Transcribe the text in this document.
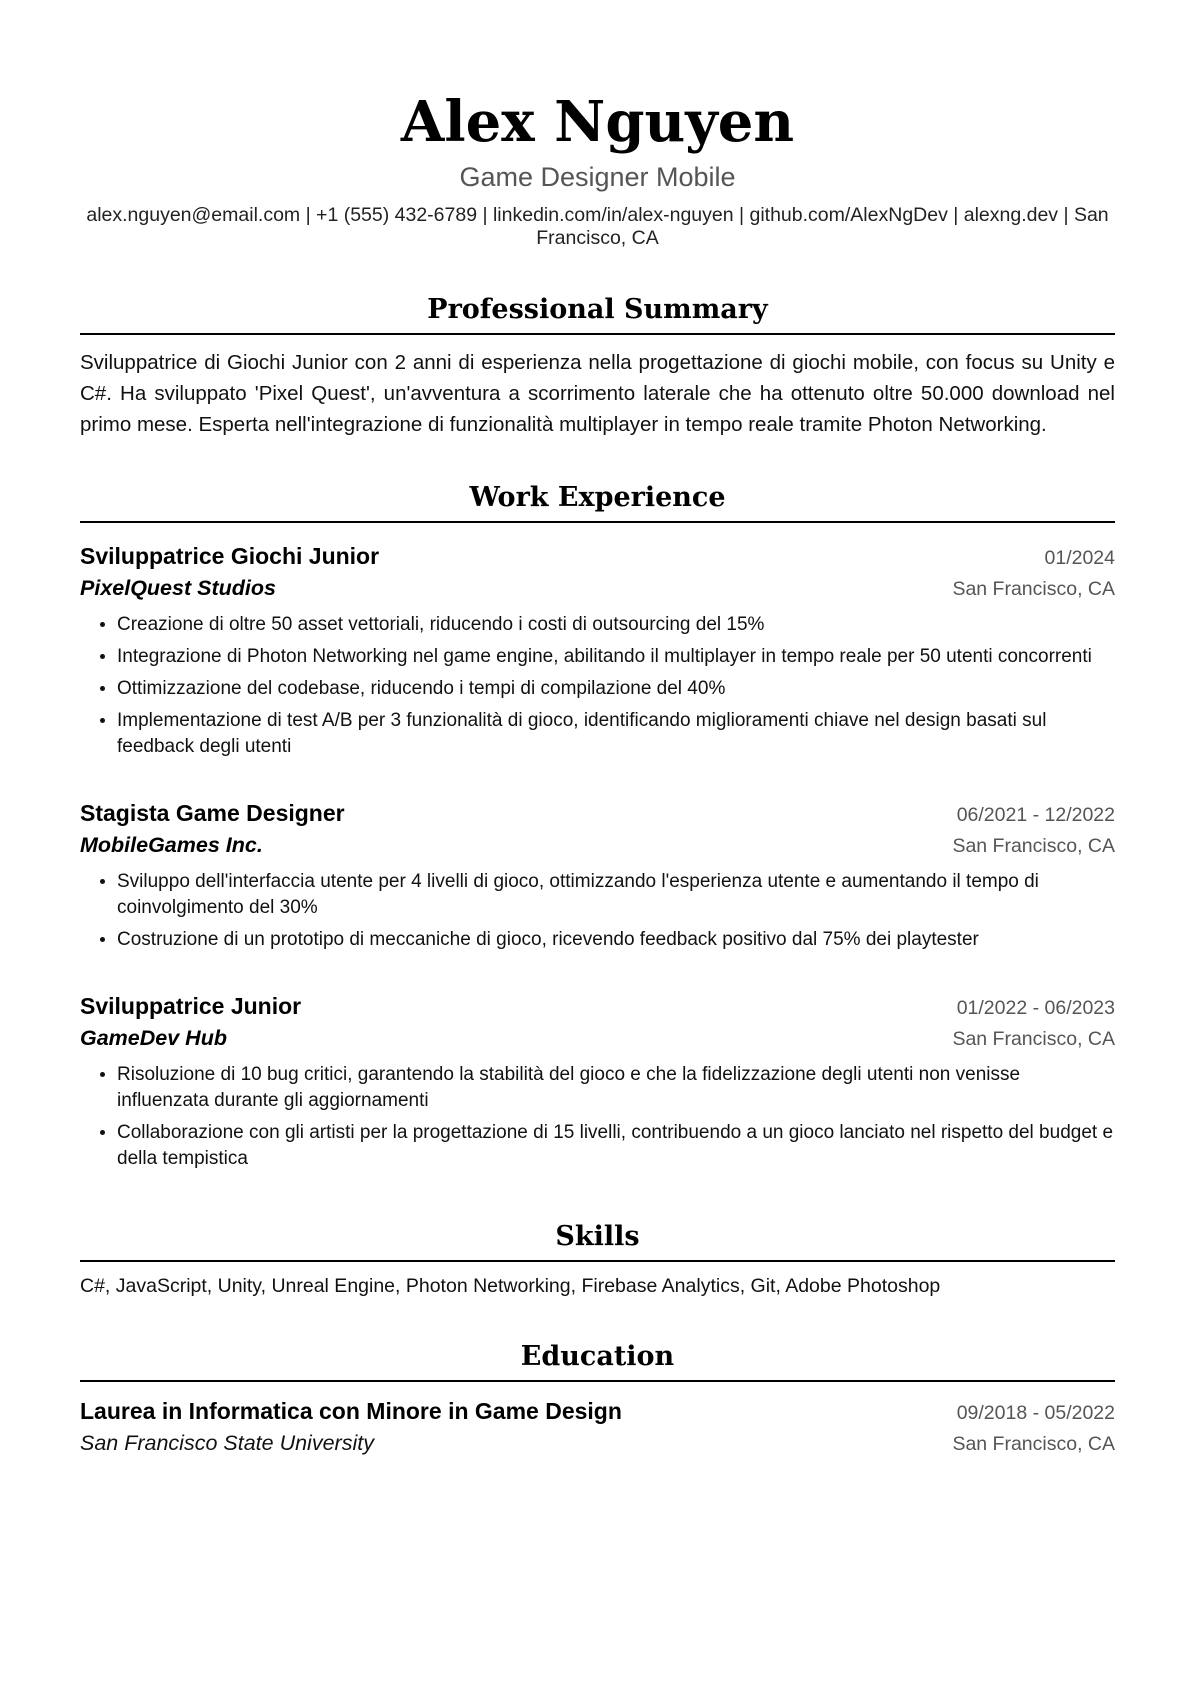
Alex Nguyen
Game Designer Mobile
alex.nguyen@email.com | +1 (555) 432-6789 | linkedin.com/in/alex-nguyen | github.com/AlexNgDev | alexng.dev | San Francisco, CA
Professional Summary
Sviluppatrice di Giochi Junior con 2 anni di esperienza nella progettazione di giochi mobile, con focus su Unity e C#. Ha sviluppato 'Pixel Quest', un'avventura a scorrimento laterale che ha ottenuto oltre 50.000 download nel primo mese. Esperta nell'integrazione di funzionalità multiplayer in tempo reale tramite Photon Networking.
Work Experience
Sviluppatrice Giochi Junior	01/2024
PixelQuest Studios	San Francisco, CA
• Creazione di oltre 50 asset vettoriali, riducendo i costi di outsourcing del 15%
• Integrazione di Photon Networking nel game engine, abilitando il multiplayer in tempo reale per 50 utenti concorrenti
• Ottimizzazione del codebase, riducendo i tempi di compilazione del 40%
• Implementazione di test A/B per 3 funzionalità di gioco, identificando miglioramenti chiave nel design basati sul feedback degli utenti
Stagista Game Designer	06/2021 - 12/2022
MobileGames Inc.	San Francisco, CA
• Sviluppo dell'interfaccia utente per 4 livelli di gioco, ottimizzando l'esperienza utente e aumentando il tempo di coinvolgimento del 30%
• Costruzione di un prototipo di meccaniche di gioco, ricevendo feedback positivo dal 75% dei playtester
Sviluppatrice Junior	01/2022 - 06/2023
GameDev Hub	San Francisco, CA
• Risoluzione di 10 bug critici, garantendo la stabilità del gioco e che la fidelizzazione degli utenti non venisse influenzata durante gli aggiornamenti
• Collaborazione con gli artisti per la progettazione di 15 livelli, contribuendo a un gioco lanciato nel rispetto del budget e della tempistica
Skills
C#, JavaScript, Unity, Unreal Engine, Photon Networking, Firebase Analytics, Git, Adobe Photoshop
Education
Laurea in Informatica con Minore in Game Design	09/2018 - 05/2022
San Francisco State University	San Francisco, CA
